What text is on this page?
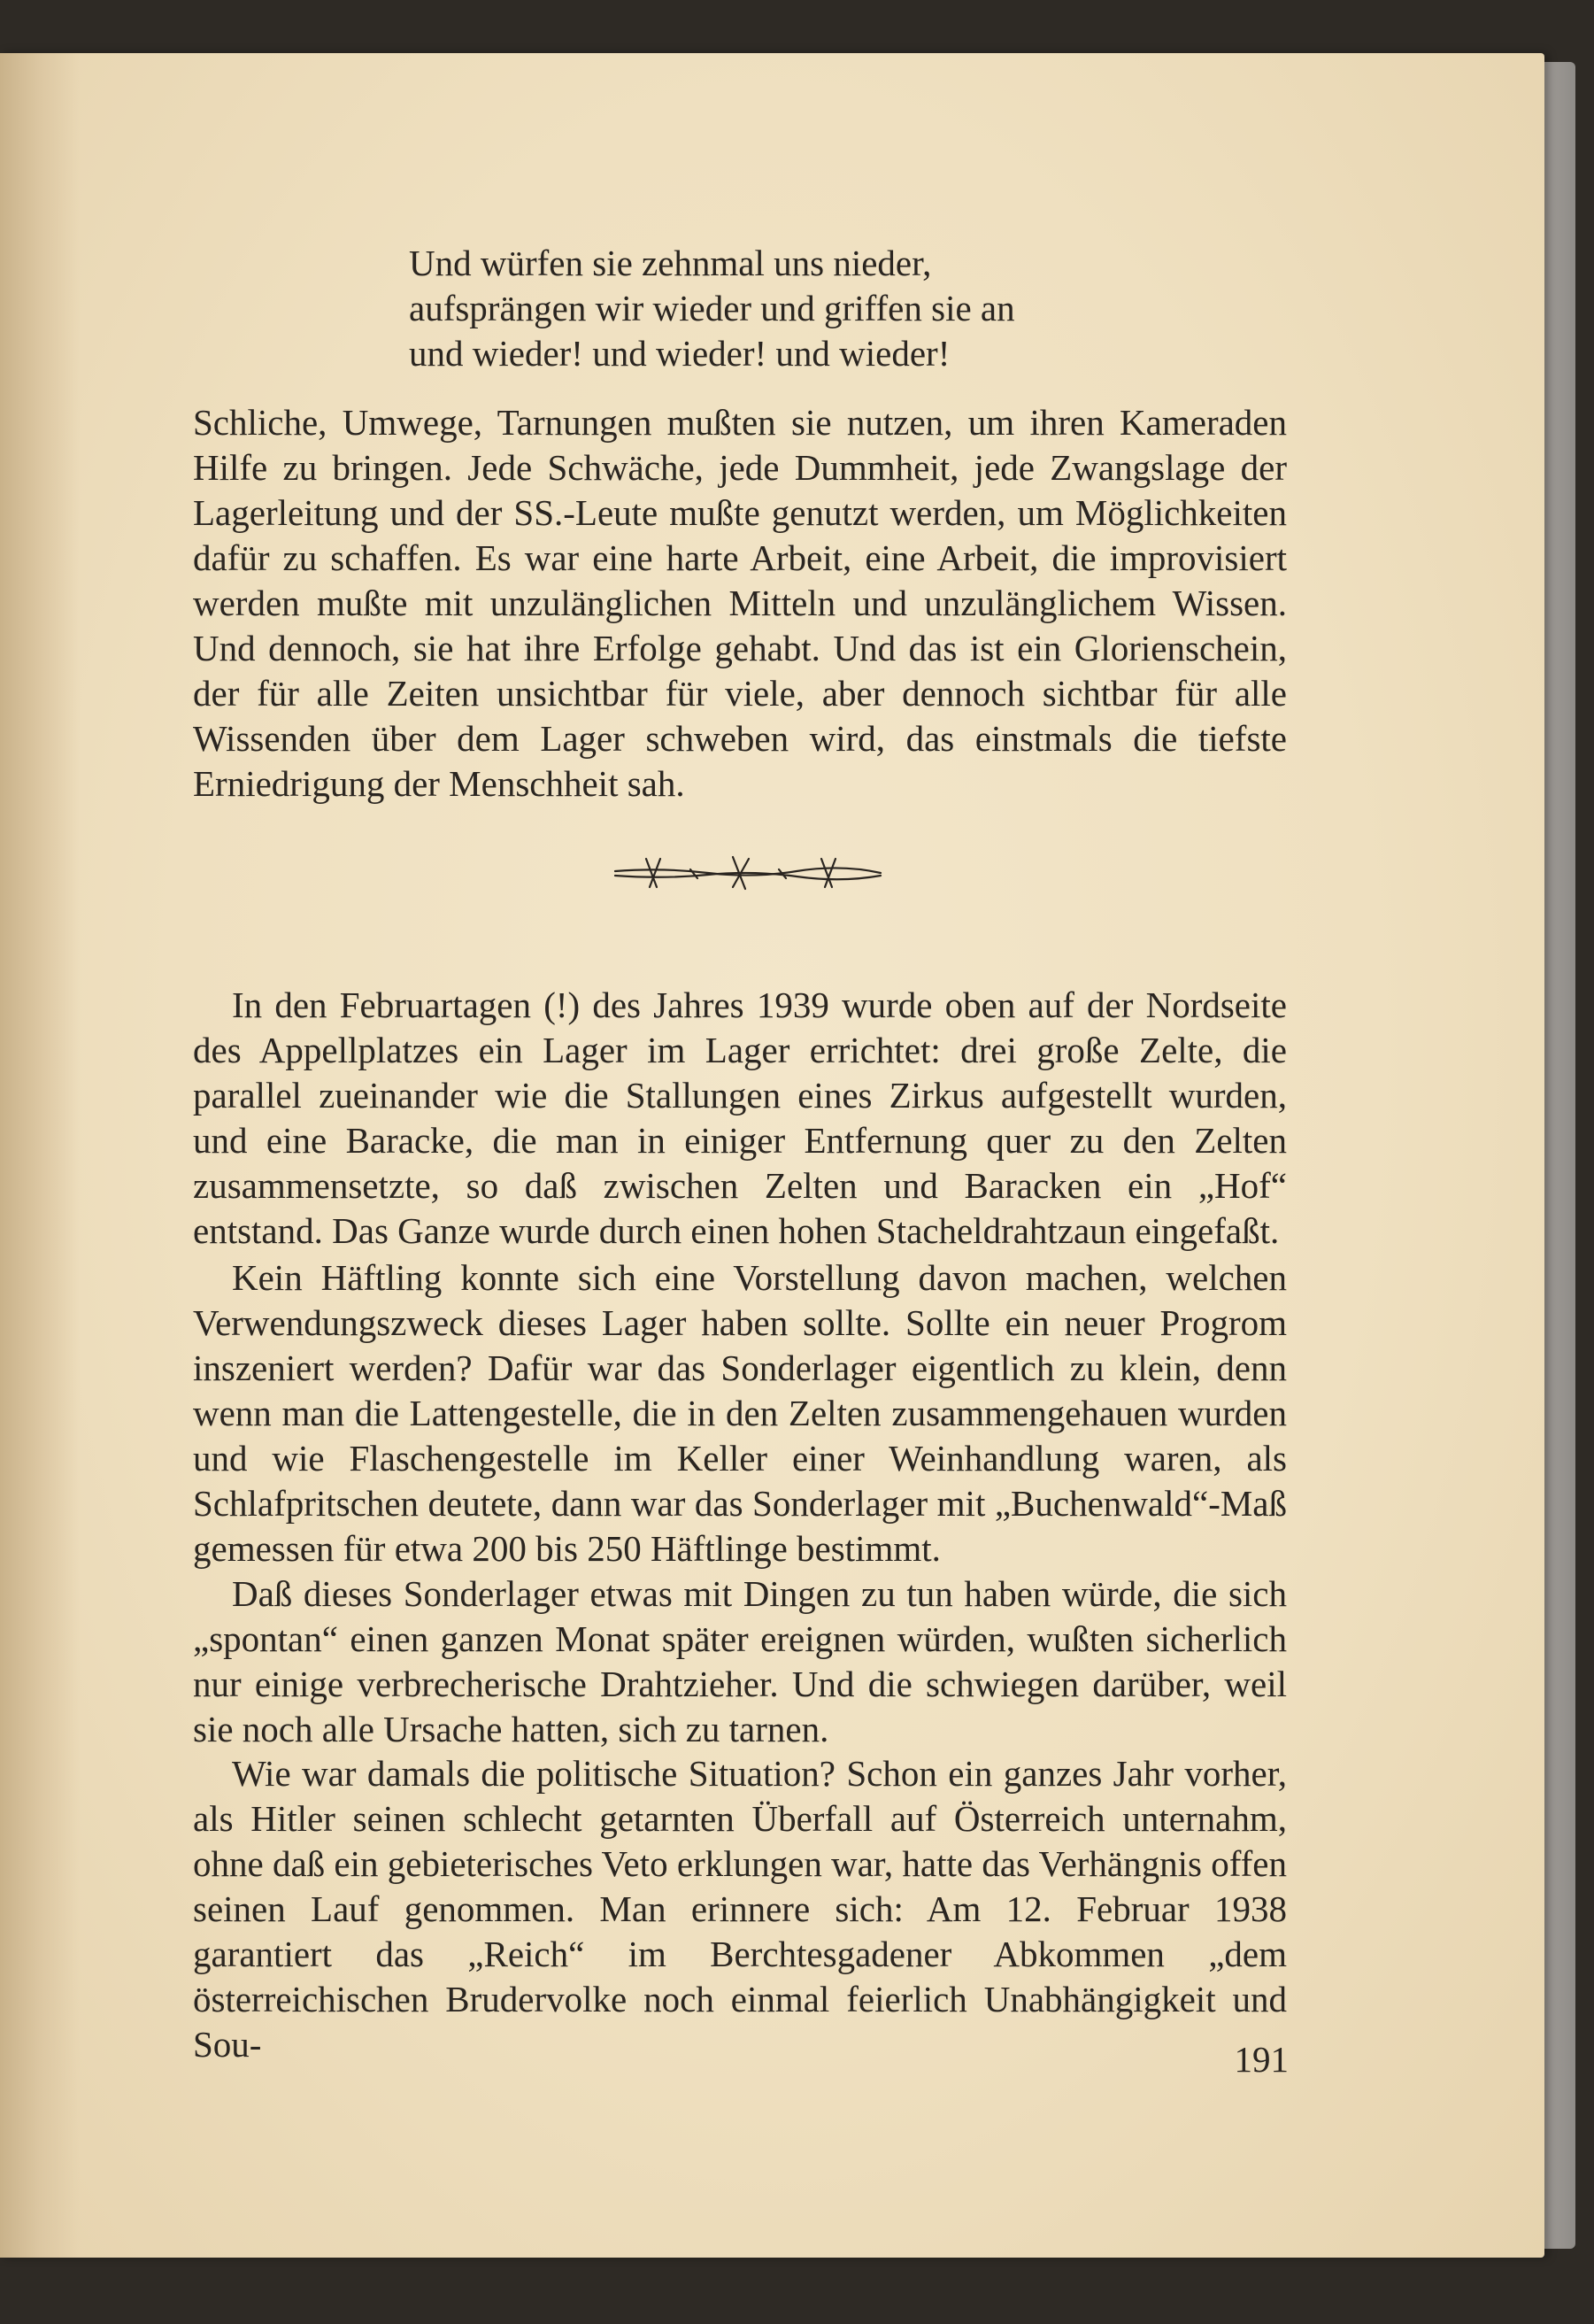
Und würfen sie zehnmal uns nieder,

aufsprängen wir wieder und griffen sie an

und wieder! und wieder! und wieder!

Schliche, Umwege, Tarnungen mußten sie nutzen, um ihren Kameraden Hilfe zu bringen. Jede Schwäche, jede Dummheit, jede Zwangslage der Lagerleitung und der SS.-Leute mußte genutzt werden, um Möglichkeiten dafür zu schaffen. Es war eine harte Arbeit, eine Arbeit, die improvisiert werden mußte mit unzulänglichen Mitteln und unzulänglichem Wissen. Und dennoch, sie hat ihre Erfolge gehabt. Und das ist ein Glorienschein, der für alle Zeiten unsichtbar für viele, aber dennoch sichtbar für alle Wissenden über dem Lager schweben wird, das einstmals die tiefste Erniedrigung der Menschheit sah.

In den Februartagen (!) des Jahres 1939 wurde oben auf der Nordseite des Appellplatzes ein Lager im Lager errichtet: drei große Zelte, die parallel zueinander wie die Stallungen eines Zirkus aufgestellt wurden, und eine Baracke, die man in einiger Entfernung quer zu den Zelten zusammensetzte, so daß zwischen Zelten und Baracken ein „Hof“ entstand. Das Ganze wurde durch einen hohen Stacheldrahtzaun eingefaßt.

Kein Häftling konnte sich eine Vorstellung davon machen, welchen Verwendungszweck dieses Lager haben sollte. Sollte ein neuer Progrom inszeniert werden? Dafür war das Sonderlager eigentlich zu klein, denn wenn man die Lattengestelle, die in den Zelten zusammengehauen wurden und wie Flaschengestelle im Keller einer Weinhandlung waren, als Schlafpritschen deutete, dann war das Sonderlager mit „Buchenwald“-Maß gemessen für etwa 200 bis 250 Häftlinge bestimmt.

Daß dieses Sonderlager etwas mit Dingen zu tun haben würde, die sich „spontan“ einen ganzen Monat später ereignen würden, wußten sicherlich nur einige verbrecherische Drahtzieher. Und die schwiegen darüber, weil sie noch alle Ursache hatten, sich zu tarnen.

Wie war damals die politische Situation? Schon ein ganzes Jahr vorher, als Hitler seinen schlecht getarnten Überfall auf Österreich unternahm, ohne daß ein gebieterisches Veto erklungen war, hatte das Verhängnis offen seinen Lauf genommen. Man erinnere sich: Am 12. Februar 1938 garantiert das „Reich“ im Berchtesgadener Abkommen „dem österreichischen Brudervolke noch einmal feierlich Unabhängigkeit und Sou-	191
